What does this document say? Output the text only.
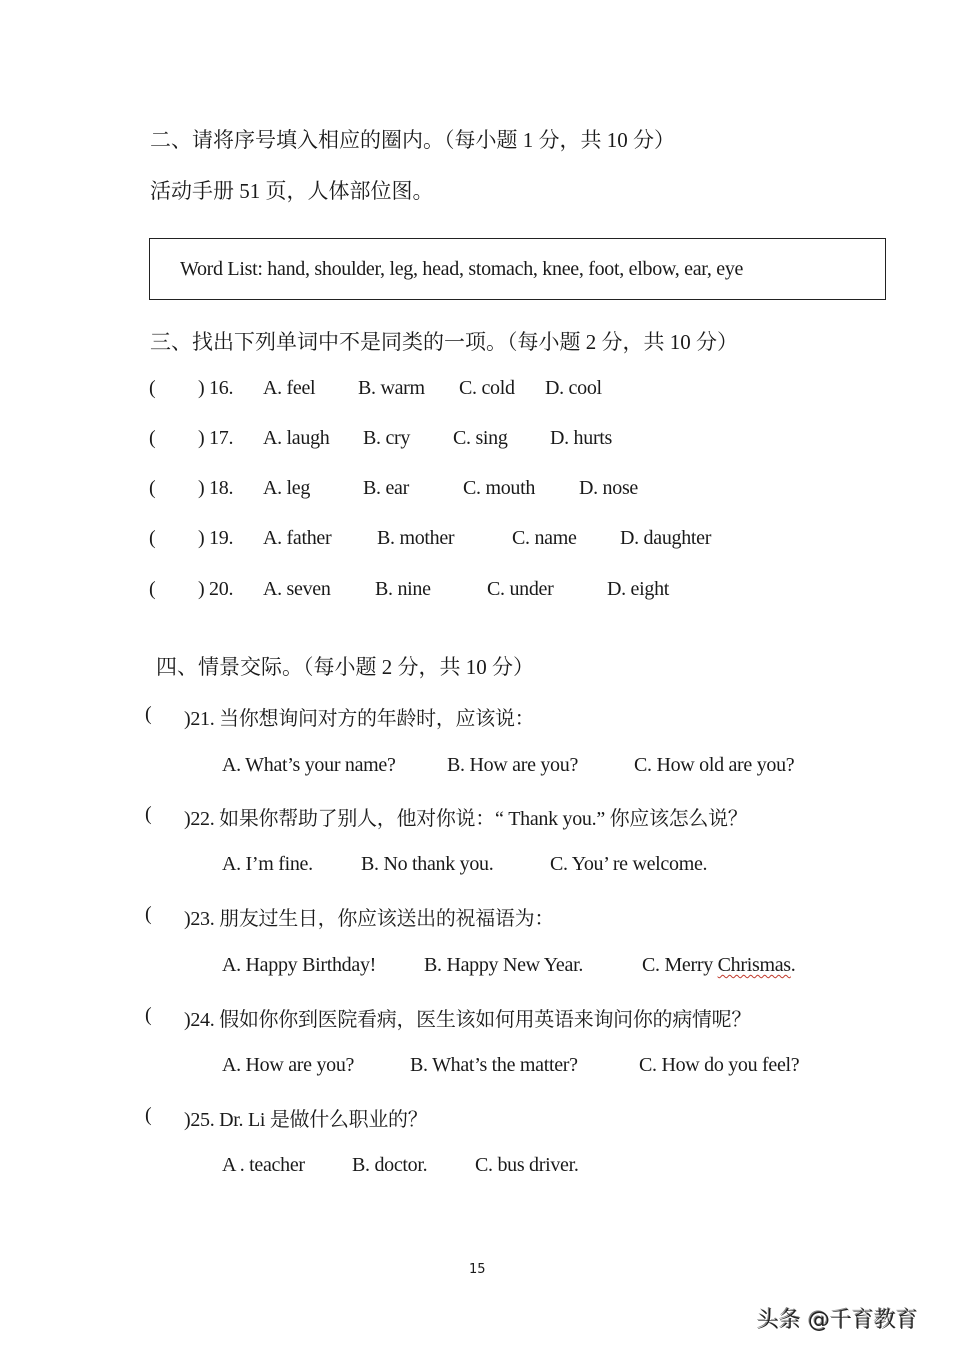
二、请将序号填入相应的圈内。（每小题 1 分，共 10 分）
活动手册 51 页，人体部位图。
Word List: hand, shoulder, leg, head, stomach, knee, foot, elbow, ear, eye
三、找出下列单词中不是同类的一项。（每小题 2 分，共 10 分）
( ) 16. A. feel B. warm C. cold D. cool
( ) 17. A. laugh B. cry C. sing D. hurts
( ) 18. A. leg	B. ear	C. mouth D. nose
( ) 19. A. father B. mother	C. name D. daughter
( ) 20. A. seven B. nine	C. under	D. eight
四、情景交际。（每小题 2 分，共 10 分）
( )21. 当你想询问对方的年龄时，应该说：
A. What’s your name?	B. How are you?	C. How old are you?
( )22. 如果你帮助了别人，他对你说：“ Thank you.” 你应该怎么说？
A. I’m fine. B. No thank you.	C. You’ re welcome.
( )23. 朋友过生日，你应该送出的祝福语为：
A. Happy Birthday! B. Happy New Year.	C. Merry Chrismas.
( )24. 假如你你到医院看病，医生该如何用英语来询问你的病情呢？
A. How are you?	B. What’s the matter?	C. How do you feel?
( )25. Dr. Li 是做什么职业的？
A . teacher B. doctor. C. bus driver.
15
头条 @千育教育
